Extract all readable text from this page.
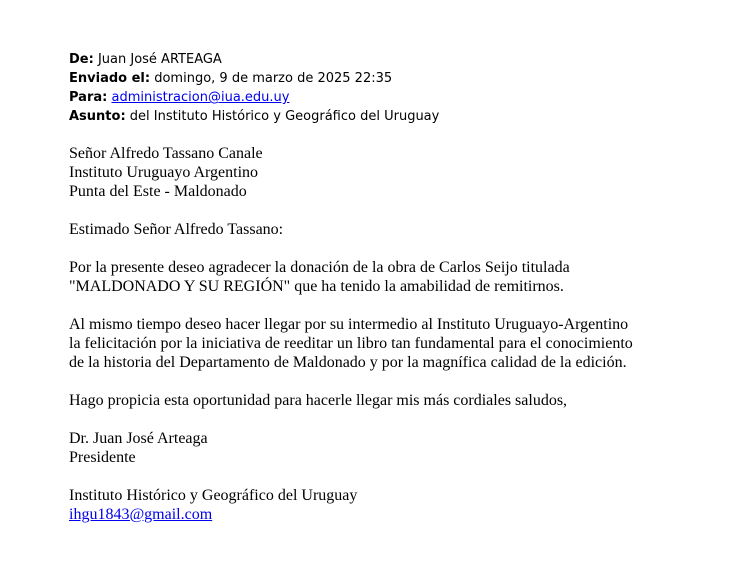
De: Juan José ARTEAGA
Enviado el: domingo, 9 de marzo de 2025 22:35
Para: administracion@iua.edu.uy
Asunto: del Instituto Histórico y Geográfico del Uruguay

Señor Alfredo Tassano Canale

Instituto Uruguayo Argentino

Punta del Este - Maldonado

Estimado Señor Alfredo Tassano:

Por la presente deseo agradecer la donación de la obra de Carlos Seijo titulada

"MALDONADO Y SU REGIÓN" que ha tenido la amabilidad de remitirnos.

Al mismo tiempo deseo hacer llegar por su intermedio al Instituto Uruguayo-Argentino

la felicitación por la iniciativa de reeditar un libro tan fundamental para el conocimiento

de la historia del Departamento de Maldonado y por la magnífica calidad de la edición.

Hago propicia esta oportunidad para hacerle llegar mis más cordiales saludos,

Dr. Juan José Arteaga

Presidente

Instituto Histórico y Geográfico del Uruguay

ihgu1843@gmail.com
